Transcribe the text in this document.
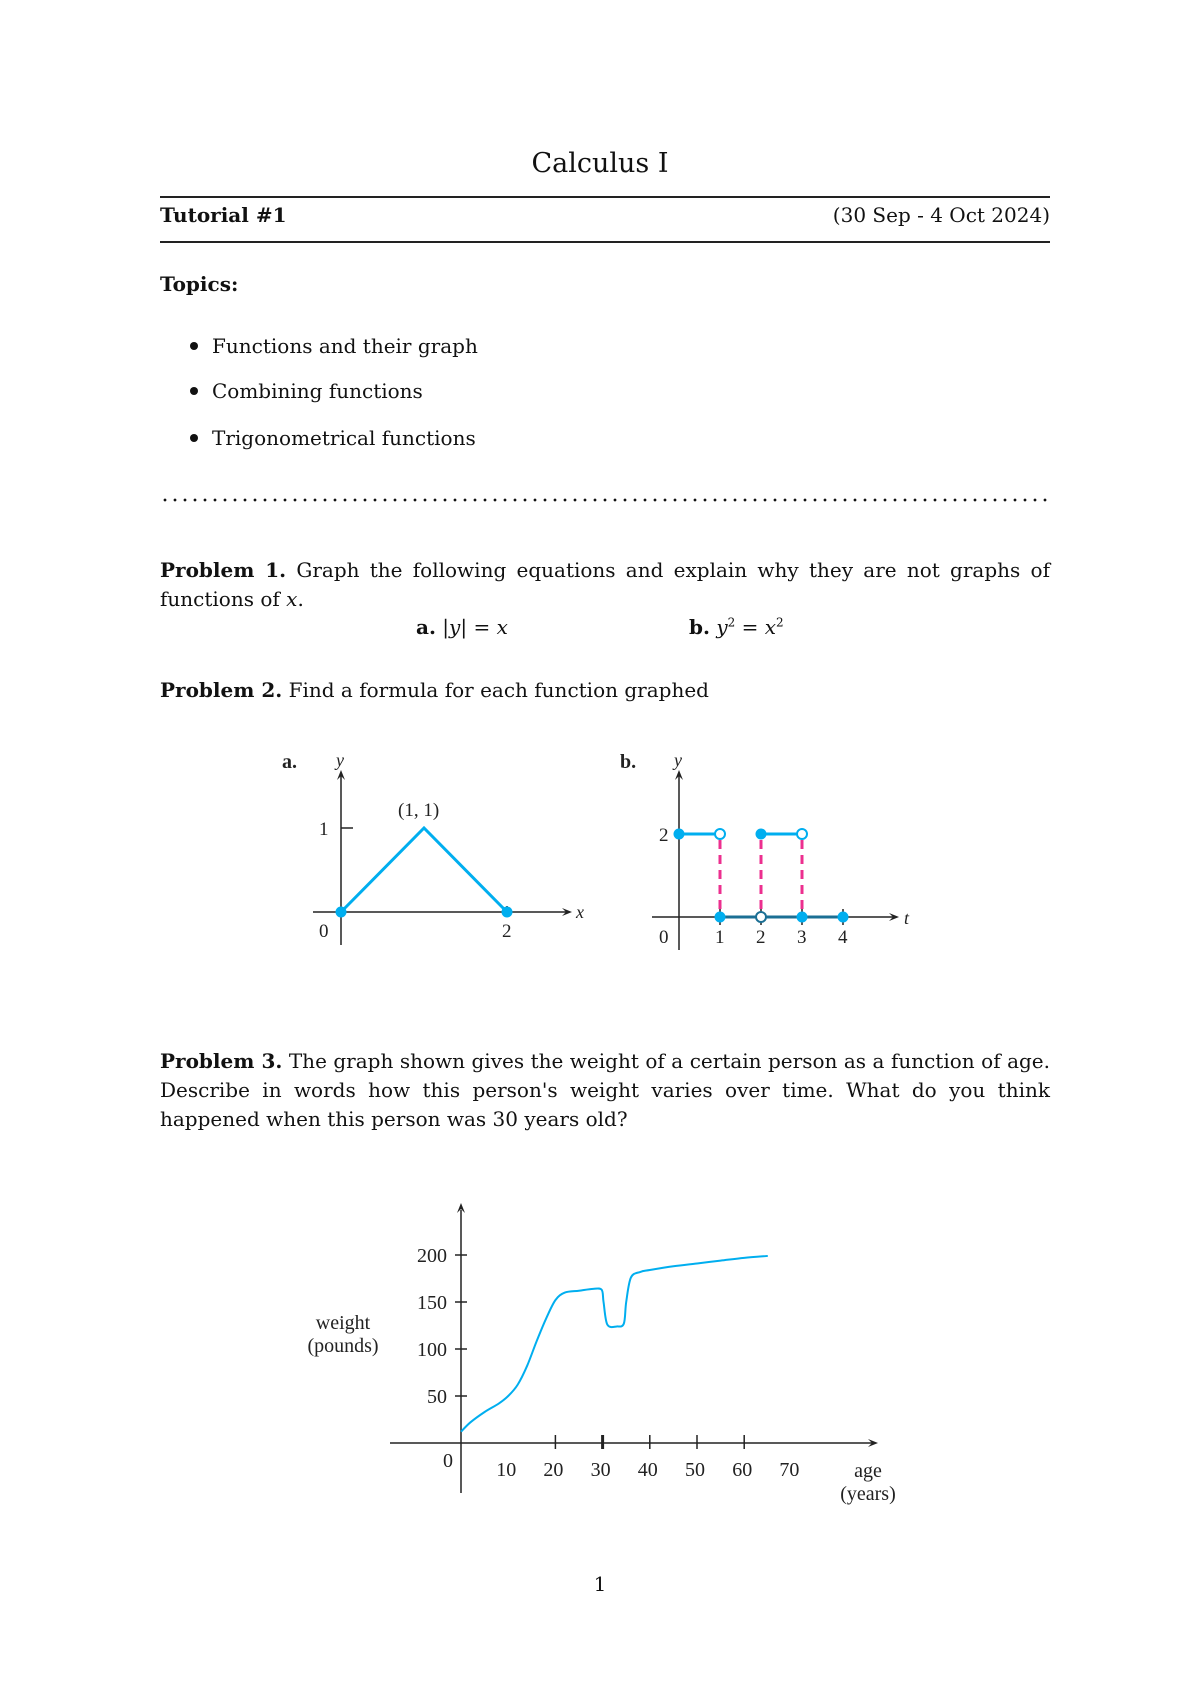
Calculus I
Tutorial #1	(30 Sep - 4 Oct 2024)
Topics:
Functions and their graph
Combining functions
Trigonometrical functions
Problem 1. Graph the following equations and explain why they are not graphs of functions of x.
a. |y| = x	b. $y^2 = x^2$
Problem 2. Find a formula for each function graphed
a. y
x
1
2
0
(1, 1)
b. y
t
2
1 2 3 4
0
50
100
150
200
10 20 30 40 50 60 70
0	age
(years)
weight
(pounds)
Problem 3. The graph shown gives the weight of a certain person as a function of age. Describe in words how this person's weight varies over time. What do you think happened when this person was 30 years old?
1
